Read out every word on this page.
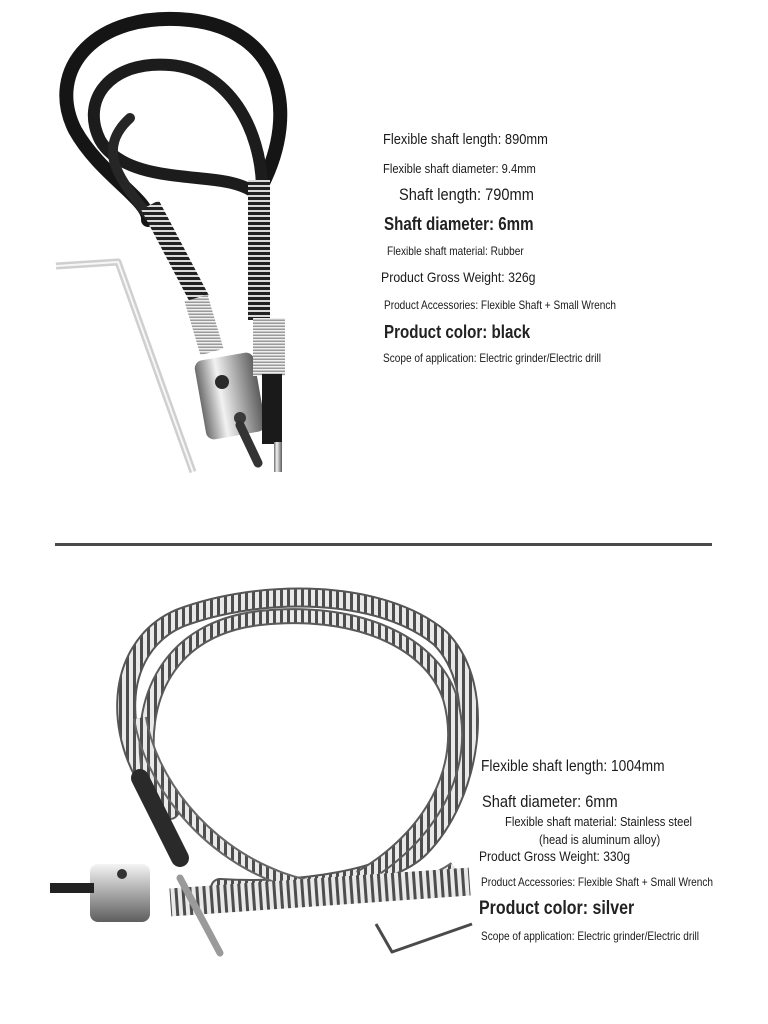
Flexible shaft length: 890mm
Flexible shaft diameter: 9.4mm
Shaft length: 790mm
Shaft diameter: 6mm
Flexible shaft material: Rubber
Product Gross Weight: 326g
Product Accessories: Flexible Shaft + Small Wrench
Product color: black
Scope of application: Electric grinder/Electric drill
Flexible shaft length: 1004mm
Shaft diameter: 6mm
Flexible shaft material: Stainless steel
(head is aluminum alloy)
Product Gross Weight: 330g
Product Accessories: Flexible Shaft + Small Wrench
Product color: silver
Scope of application: Electric grinder/Electric drill
